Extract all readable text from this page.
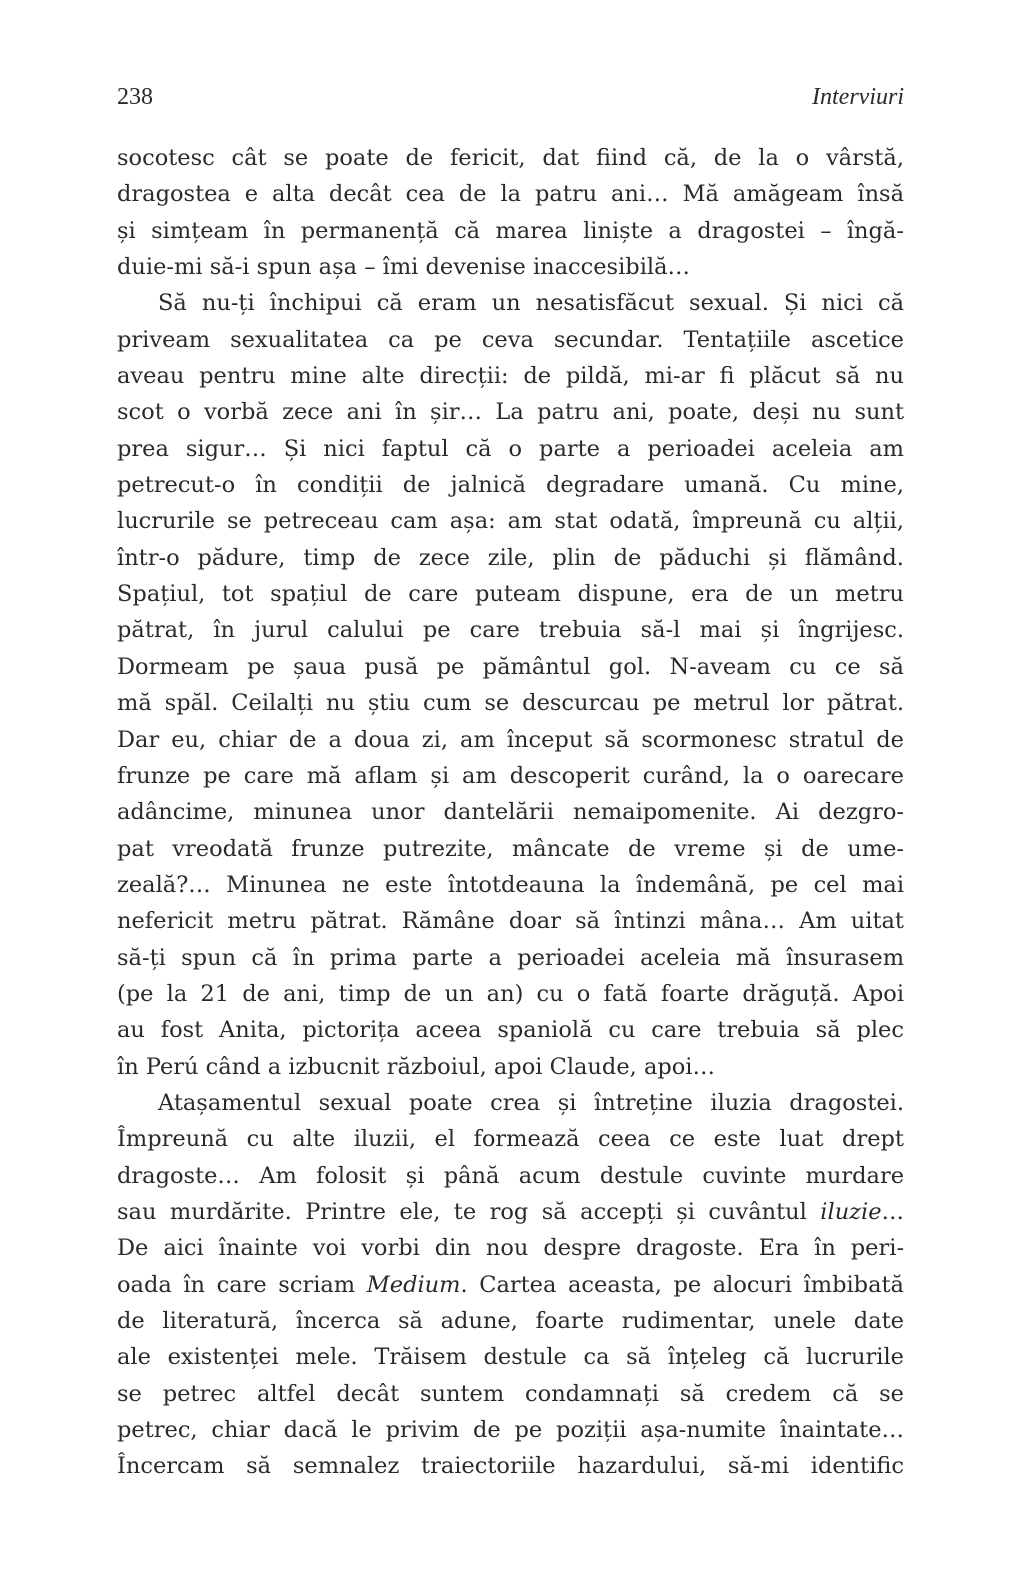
238	Interviuri
socotesc cât se poate de fericit, dat fiind că, de la o vârstă,
dragostea e alta decât cea de la patru ani… Mă amăgeam însă
și simțeam în permanență că marea liniște a dragostei – îngă-
duie-mi să-i spun așa – îmi devenise inaccesibilă…
Să nu-ți închipui că eram un nesatisfăcut sexual. Și nici că
priveam sexualitatea ca pe ceva secundar. Tentațiile ascetice
aveau pentru mine alte direcții: de pildă, mi-ar fi plăcut să nu
scot o vorbă zece ani în șir… La patru ani, poate, deși nu sunt
prea sigur… Și nici faptul că o parte a perioadei aceleia am
petrecut-o în condiții de jalnică degradare umană. Cu mine,
lucrurile se petreceau cam așa: am stat odată, împreună cu alții,
într-o pădure, timp de zece zile, plin de păduchi și flămând.
Spațiul, tot spațiul de care puteam dispune, era de un metru
pătrat, în jurul calului pe care trebuia să-l mai și îngrijesc.
Dormeam pe șaua pusă pe pământul gol. N-aveam cu ce să
mă spăl. Ceilalți nu știu cum se descurcau pe metrul lor pătrat.
Dar eu, chiar de a doua zi, am început să scormonesc stratul de
frunze pe care mă aflam și am descoperit curând, la o oarecare
adâncime, minunea unor dantelării nemaipomenite. Ai dezgro-
pat vreodată frunze putrezite, mâncate de vreme și de ume-
zeală?… Minunea ne este întotdeauna la îndemână, pe cel mai
nefericit metru pătrat. Rămâne doar să întinzi mâna… Am uitat
să-ți spun că în prima parte a perioadei aceleia mă însurasem
(pe la 21 de ani, timp de un an) cu o fată foarte drăguță. Apoi
au fost Anita, pictorița aceea spaniolă cu care trebuia să plec
în Perú când a izbucnit războiul, apoi Claude, apoi…
Atașamentul sexual poate crea și întreține iluzia dragostei.
Împreună cu alte iluzii, el formează ceea ce este luat drept
dragoste… Am folosit și până acum destule cuvinte murdare
sau murdărite. Printre ele, te rog să accepți și cuvântul iluzie…
De aici înainte voi vorbi din nou despre dragoste. Era în peri-
oada în care scriam Medium. Cartea aceasta, pe alocuri îmbibată
de literatură, încerca să adune, foarte rudimentar, unele date
ale existenței mele. Trăisem destule ca să înțeleg că lucrurile
se petrec altfel decât suntem condamnați să credem că se
petrec, chiar dacă le privim de pe poziții așa-numite înaintate…
Încercam să semnalez traiectoriile hazardului, să-mi identific
